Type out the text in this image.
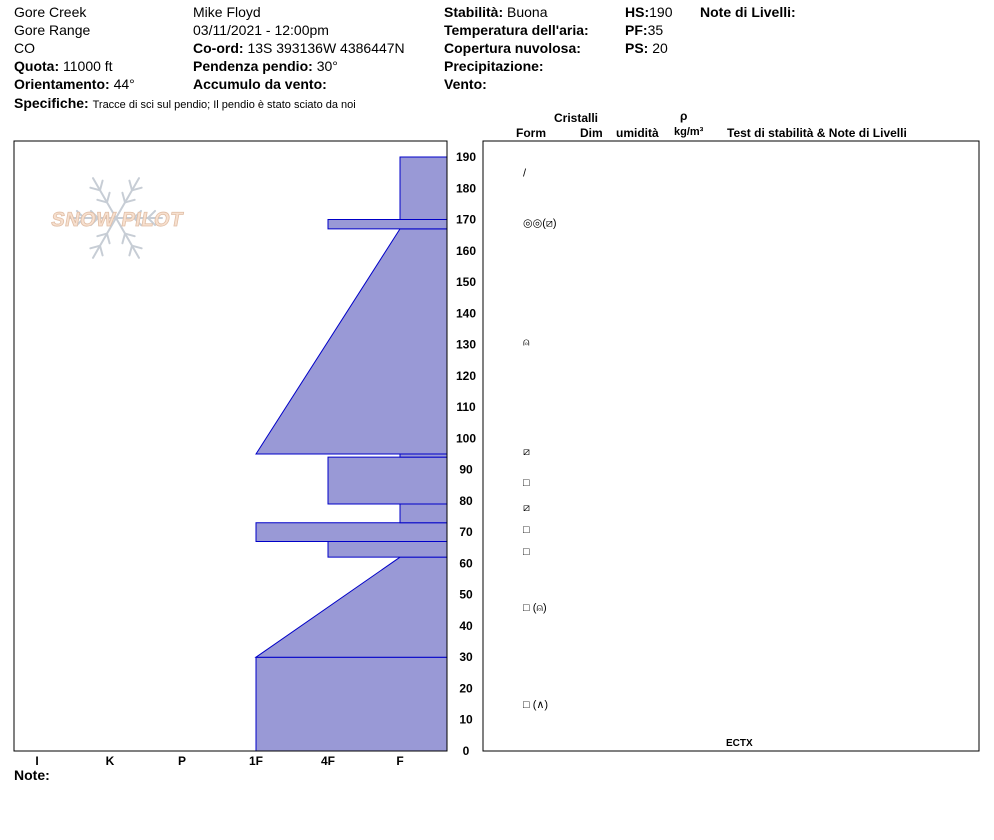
Gore Creek
Gore Range
CO
Quota: 11000 ft
Orientamento: 44°
Specifiche: Tracce di sci sul pendio; Il pendio è stato sciato da noi
Mike Floyd
03/11/2021 - 12:00pm
Co-ord: 13S 393136W 4386447N
Pendenza pendio: 30°
Accumulo da vento:
Stabilità: Buona
Temperatura dell'aria:
Copertura nuvolosa:
Precipitazione:
Vento:
HS:190
PF:35
PS: 20
Note di Livelli:
Cristalli
Form	Dim umidità
ρ
kg/m³ Test di stabilità & Note di Livelli
Note:
SNOW PILOT
I	K	P	1F	4F	F
0
10
20
30
40
50
60
70
80
90
100
110
120
130
140
150
160
170
180
190
/
◎◎(⧄)
⍝
⧄
□
⧄
□
□
□ (⍝)
□ (∧)
ECTX
